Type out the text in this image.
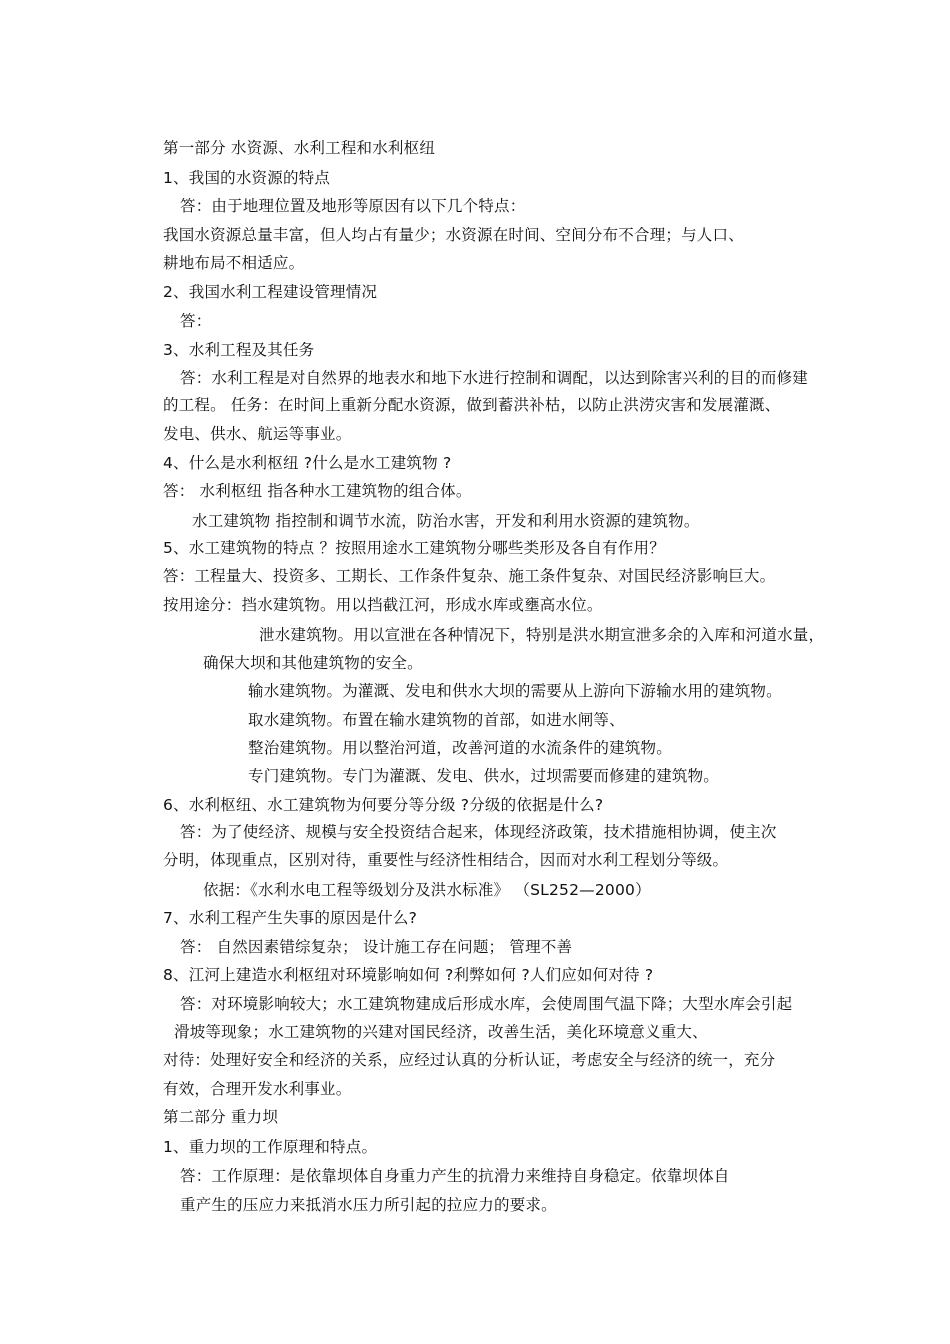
第一部分 水资源、水利工程和水利枢纽
1、我国的水资源的特点
答：由于地理位置及地形等原因有以下几个特点：
我国水资源总量丰富，但人均占有量少；水资源在时间、空间分布不合理；与人口、
耕地布局不相适应。
2、我国水利工程建设管理情况
答：
3、水利工程及其任务
答：水利工程是对自然界的地表水和地下水进行控制和调配，以达到除害兴利的目的而修建
的工程。 任务：在时间上重新分配水资源，做到蓄洪补枯，以防止洪涝灾害和发展灌溉、
发电、供水、航运等事业。
4、什么是水利枢纽 ?什么是水工建筑物 ?
答： 水利枢纽 指各种水工建筑物的组合体。
水工建筑物 指控制和调节水流，防治水害，开发和利用水资源的建筑物。
5、水工建筑物的特点 ？按照用途水工建筑物分哪些类形及各自有作用？
答：工程量大、投资多、工期长、工作条件复杂、施工条件复杂、对国民经济影响巨大。
按用途分：挡水建筑物。用以挡截江河，形成水库或壅高水位。
泄水建筑物。用以宣泄在各种情况下，特别是洪水期宣泄多余的入库和河道水量，
确保大坝和其他建筑物的安全。
输水建筑物。为灌溉、发电和供水大坝的需要从上游向下游输水用的建筑物。
取水建筑物。布置在输水建筑物的首部，如进水闸等、
整治建筑物。用以整治河道，改善河道的水流条件的建筑物。
专门建筑物。专门为灌溉、发电、供水，过坝需要而修建的建筑物。
6、水利枢纽、水工建筑物为何要分等分级 ?分级的依据是什么?
答：为了使经济、规模与安全投资结合起来，体现经济政策，技术措施相协调，使主次
分明，体现重点，区别对待，重要性与经济性相结合，因而对水利工程划分等级。
依据：《水利水电工程等级划分及洪水标准》 （SL252—2000）
7、水利工程产生失事的原因是什么?
答： 自然因素错综复杂； 设计施工存在问题； 管理不善
8、江河上建造水利枢纽对环境影响如何 ?利弊如何 ?人们应如何对待 ?
答：对环境影响较大；水工建筑物建成后形成水库，会使周围气温下降；大型水库会引起
滑坡等现象；水工建筑物的兴建对国民经济，改善生活，美化环境意义重大、
对待：处理好安全和经济的关系，应经过认真的分析认证，考虑安全与经济的统一，充分
有效，合理开发水利事业。
第二部分 重力坝
1、重力坝的工作原理和特点。
答：工作原理：是依靠坝体自身重力产生的抗滑力来维持自身稳定。依靠坝体自
重产生的压应力来抵消水压力所引起的拉应力的要求。
